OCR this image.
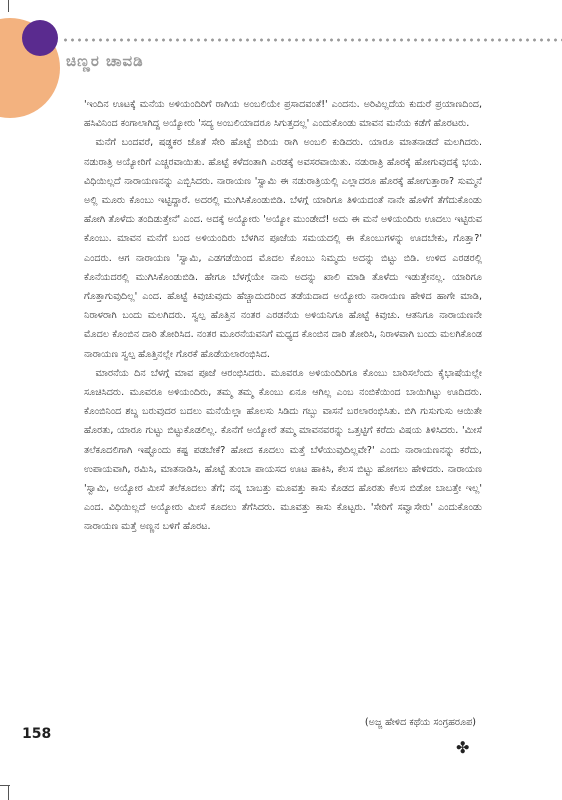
ಚಿಣ್ಣರ ಚಾವಡಿ

'ಇಂದಿನ ಊಟಕ್ಕೆ ಮನೆಯ ಅಳಿಯಂದಿರಿಗೆ ರಾಗಿಯ ಅಂಬಲಿಯೇ ಪ್ರಸಾದವಂತೆ!' ಎಂದನು. ಅರಿವಿಲ್ಲದೆಯ ಕುದುರೆ ಪ್ರಯಾಣದಿಂದ, ಹಸಿವಿನಿಂದ ಕಂಗಾಲಾಗಿದ್ದ ಅಯ್ಯೋರು 'ಸದ್ಯ ಅಂಬಲಿಯಾದರೂ ಸಿಗುತ್ತದಲ್ಲ' ಎಂದುಕೊಂಡು ಮಾವನ ಮನೆಯ ಕಡೆಗೆ ಹೊರಟರು.

ಮನೆಗೆ ಬಂದವರೆ, ಷಡ್ಡಕರ ಜೊತೆ ಸೇರಿ ಹೊಟ್ಟೆ ಬಿರಿಯ ರಾಗಿ ಅಂಬಲಿ ಕುಡಿದರು. ಯಾರೂ ಮಾತನಾಡದೆ ಮಲಗಿದರು. ನಡುರಾತ್ರಿ ಅಯ್ಯೋರಿಗೆ ಎಚ್ಚರವಾಯಿತು. ಹೊಟ್ಟೆ ಕಳೆದಂತಾಗಿ ಎರಡಕ್ಕೆ ಅವಸರವಾಯಿತು. ನಡುರಾತ್ರಿ ಹೊರಕ್ಕೆ ಹೋಗುವುದಕ್ಕೆ ಭಯ. ವಿಧಿಯಿಲ್ಲದೆ ನಾರಾಯಣನನ್ನು ಎಬ್ಬಿಸಿದರು. ನಾರಾಯಣ 'ಸ್ವಾಮಿ ಈ ನಡುರಾತ್ರಿಯಲ್ಲಿ ಎಲ್ಲಾದರೂ ಹೊರಕ್ಕೆ ಹೋಗುತ್ತಾರಾ? ಸುಮ್ಮನೆ ಅಲ್ಲಿ ಮೂರು ಕೊಂಬು ಇಟ್ಟಿದ್ದಾರೆ. ಅದರಲ್ಲಿ ಮುಗಿಸಿಕೊಂಡುಬಿಡಿ. ಬೆಳಗ್ಗೆ ಯಾರಿಗೂ ತಿಳಿಯದಂತೆ ನಾನೇ ಹೊಳೆಗೆ ತೆಗೆದುಕೊಂಡು ಹೋಗಿ ತೊಳೆದು ತಂದಿಡುತ್ತೇನೆ' ಎಂದ. ಅದಕ್ಕೆ ಅಯ್ಯೋರು 'ಅಯ್ಯೋ ಮುಂಡೇದೆ! ಅದು ಈ ಮನೆ ಅಳಿಯಂದಿರು ಊದಲು ಇಟ್ಟಿರುವ ಕೊಂಬು. ಮಾವನ ಮನೆಗೆ ಬಂದ ಅಳಿಯಂದಿರು ಬೆಳಗಿನ ಪೂಜೆಯ ಸಮಯದಲ್ಲಿ ಈ ಕೊಂಬುಗಳನ್ನು ಊದಬೇಕು, ಗೊತ್ತಾ?' ಎಂದರು. ಆಗ ನಾರಾಯಣ 'ಸ್ವಾಮಿ, ಎಡಗಡೆಯಿಂದ ಮೊದಲ ಕೊಂಬು ನಿಮ್ಮದು ಅದನ್ನು ಬಿಟ್ಟು ಬಿಡಿ. ಉಳಿದ ಎರಡರಲ್ಲಿ ಕೊನೆಯದರಲ್ಲಿ ಮುಗಿಸಿಕೊಂಡುಬಿಡಿ. ಹೇಗೂ ಬೆಳಗ್ಗೆಯೇ ನಾನು ಅದನ್ನು ಖಾಲಿ ಮಾಡಿ ತೊಳೆದು ಇಡುತ್ತೇನಲ್ಲ. ಯಾರಿಗೂ ಗೊತ್ತಾಗುವುದಿಲ್ಲ' ಎಂದ. ಹೊಟ್ಟೆ ಕಿವುಚುವುದು ಹೆಚ್ಚಾದುದರಿಂದ ತಡೆಯದಾದ ಅಯ್ಯೋರು ನಾರಾಯಣ ಹೇಳಿದ ಹಾಗೇ ಮಾಡಿ, ನಿರಾಳರಾಗಿ ಬಂದು ಮಲಗಿದರು. ಸ್ವಲ್ಪ ಹೊತ್ತಿನ ನಂತರ ಎರಡನೆಯ ಅಳಿಯನಿಗೂ ಹೊಟ್ಟೆ ಕಿವುಚು. ಆತನಿಗೂ ನಾರಾಯಣನೇ ಮೊದಲ ಕೊಂಬಿನ ದಾರಿ ತೋರಿಸಿದ. ನಂತರ ಮೂರನೆಯವನಿಗೆ ಮಧ್ಯದ ಕೊಂಬಿನ ದಾರಿ ತೋರಿಸಿ, ನಿರಾಳವಾಗಿ ಬಂದು ಮಲಗಿಕೊಂಡ ನಾರಾಯಣ ಸ್ವಲ್ಪ ಹೊತ್ತಿನಲ್ಲೇ ಗೊರಕೆ ಹೊಡೆಯಲಾರಂಭಿಸಿದ.

ಮಾರನೆಯ ದಿನ ಬೆಳಗ್ಗೆ ಮಾವ ಪೂಜೆ ಆರಂಭಿಸಿದರು. ಮೂವರೂ ಅಳಿಯಂದಿರಿಗೂ ಕೊಂಬು ಬಾರಿಸಲೆಂದು ಕೈಭಾಷೆಯಲ್ಲೇ ಸೂಚಿಸಿದರು. ಮೂವರೂ ಅಳಿಯಂದಿರು, ತಮ್ಮ ತಮ್ಮ ಕೊಂಬು ಏನೂ ಆಗಿಲ್ಲ ಎಂಬ ನಂಬಿಕೆಯಿಂದ ಬಾಯಿಗಿಟ್ಟು ಊದಿದರು. ಕೊಂಬಿನಿಂದ ಶಬ್ದ ಬರುವುದರ ಬದಲು ಮನೆಯೆಲ್ಲಾ ಹೊಲಸು ಸಿಡಿದು ಗಬ್ಬು ವಾಸನೆ ಬರಲಾರಂಭಿಸಿತು. ಬಿಗಿ ಗುಸುಗುಸು ಆಯಿತೇ ಹೊರತು, ಯಾರೂ ಗುಟ್ಟು ಬಿಟ್ಟುಕೊಡಲಿಲ್ಲ. ಕೊನೆಗೆ ಅಯ್ಯೋರೆ ತಮ್ಮ ಮಾವನವರನ್ನು ಒತ್ತಟ್ಟಿಗೆ ಕರೆದು ವಿಷಯ ತಿಳಿಸಿದರು. 'ಮೀಸೆ ತಲೆಕೂದಲಿಗಾಗಿ ಇಷ್ಟೊಂದು ಕಷ್ಟ ಪಡಬೇಕೆ? ಹೋದ ಕೂದಲು ಮತ್ತೆ ಬೆಳೆಯುವುದಿಲ್ಲವೇ?' ಎಂದು ನಾರಾಯಣನನ್ನು ಕರೆದು, ಉಪಾಯವಾಗಿ, ರಮಿಸಿ, ಮಾತನಾಡಿಸಿ, ಹೊಟ್ಟೆ ತುಂಬಾ ಪಾಯಸದ ಊಟ ಹಾಕಿಸಿ, ಕೆಲಸ ಬಿಟ್ಟು ಹೋಗಲು ಹೇಳಿದರು. ನಾರಾಯಣ 'ಸ್ವಾಮಿ, ಅಯ್ಯೋರ ಮೀಸೆ ತಲೆಕೂದಲು ತೆಗೆ; ನನ್ನ ಬಾಬತ್ತು ಮೂವತ್ತು ಕಾಸು ಕೊಡದ ಹೊರತು ಕೆಲಸ ಬಿಡೋ ಬಾಬತ್ತೇ ಇಲ್ಲ' ಎಂದ. ವಿಧಿಯಿಲ್ಲದೆ ಅಯ್ಯೋರು ಮೀಸೆ ಕೂದಲು ತೆಗೆಸಿದರು. ಮೂವತ್ತು ಕಾಸು ಕೊಟ್ಟರು. 'ಸೇರಿಗೆ ಸವ್ವಾಸೇರು' ಎಂದುಕೊಂಡು ನಾರಾಯಣ ಮತ್ತೆ ಅಣ್ಣನ ಬಳಿಗೆ ಹೊರಟ.

(ಅಜ್ಜ ಹೇಳಿದ ಕಥೆಯ ಸಂಗ್ರಹರೂಪ)
✤
158
